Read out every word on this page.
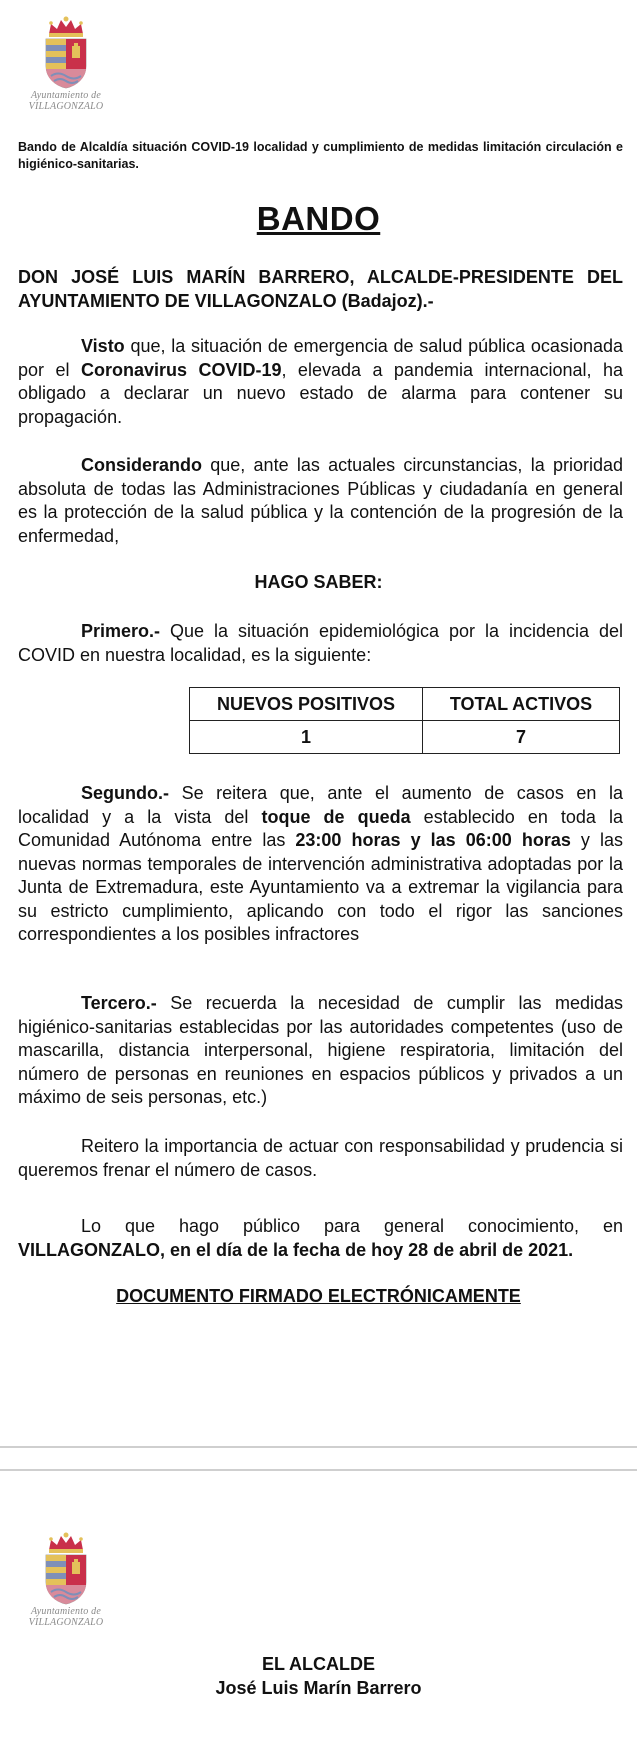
Ayuntamiento de
VILLAGONZALO
Bando de Alcaldía situación COVID-19 localidad y cumplimiento de medidas limitación circulación e higiénico-sanitarias.
BANDO
DON JOSÉ LUIS MARÍN BARRERO, ALCALDE-PRESIDENTE DEL AYUNTAMIENTO DE VILLAGONZALO (Badajoz).-
Visto que, la situación de emergencia de salud pública ocasionada por el Coronavirus COVID-19, elevada a pandemia internacional, ha obligado a declarar un nuevo estado de alarma para contener su propagación.
Considerando que, ante las actuales circunstancias, la prioridad absoluta de todas las Administraciones Públicas y ciudadanía en general es la protección de la salud pública y la contención de la progresión de la enfermedad,
HAGO SABER:
Primero.- Que la situación epidemiológica por la incidencia del COVID en nuestra localidad, es la siguiente:
NUEVOS POSITIVOS	TOTAL ACTIVOS
1	7
Segundo.- Se reitera que, ante el aumento de casos en la localidad y a la vista del toque de queda establecido en toda la Comunidad Autónoma entre las 23:00 horas y las 06:00 horas y las nuevas normas temporales de intervención administrativa adoptadas por la Junta de Extremadura, este Ayuntamiento va a extremar la vigilancia para su estricto cumplimiento, aplicando con todo el rigor las sanciones correspondientes a los posibles infractores
Tercero.- Se recuerda la necesidad de cumplir las medidas higiénico-sanitarias establecidas por las autoridades competentes (uso de mascarilla, distancia interpersonal, higiene respiratoria, limitación del número de personas en reuniones en espacios públicos y privados a un máximo de seis personas, etc.)
Reitero la importancia de actuar con responsabilidad y prudencia si queremos frenar el número de casos.
Lo que hago público para general conocimiento, en VILLAGONZALO, en el día de la fecha de hoy 28 de abril de 2021.
DOCUMENTO FIRMADO ELECTRÓNICAMENTE
Ayuntamiento de
VILLAGONZALO
EL ALCALDE
José Luis Marín Barrero
